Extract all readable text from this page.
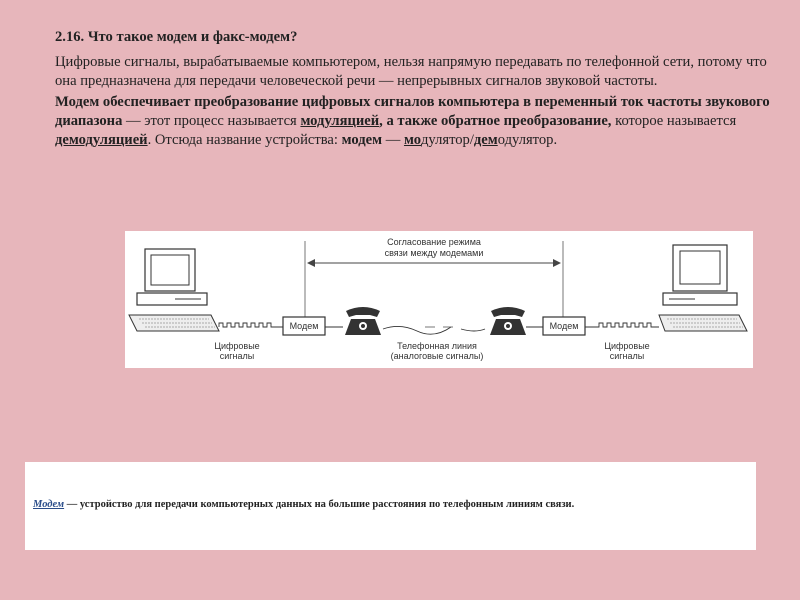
2.16. Что такое модем и факс-модем?

Цифровые сигналы, вырабатываемые компьютером, нельзя напрямую передавать по телефонной сети, потому что она предназначена для передачи человеческой речи — непрерывных сигналов звуковой частоты.

Модем обеспечивает преобразование цифровых сигналов компьютера в переменный ток частоты звукового диапазона — этот процесс называется модуляцией, а также обратное преобразование, которое называется демодуляцией. Отсюда название устройства: модем — модулятор/демодулятор.

Согласование режима
связи между модемами
Цифровые
сигналы
Модем
Телефонная линия
(аналоговые сигналы)
Модем
Цифровые
сигналы

Модем — устройство для передачи компьютерных данных на большие расстояния по телефонным линиям связи.
